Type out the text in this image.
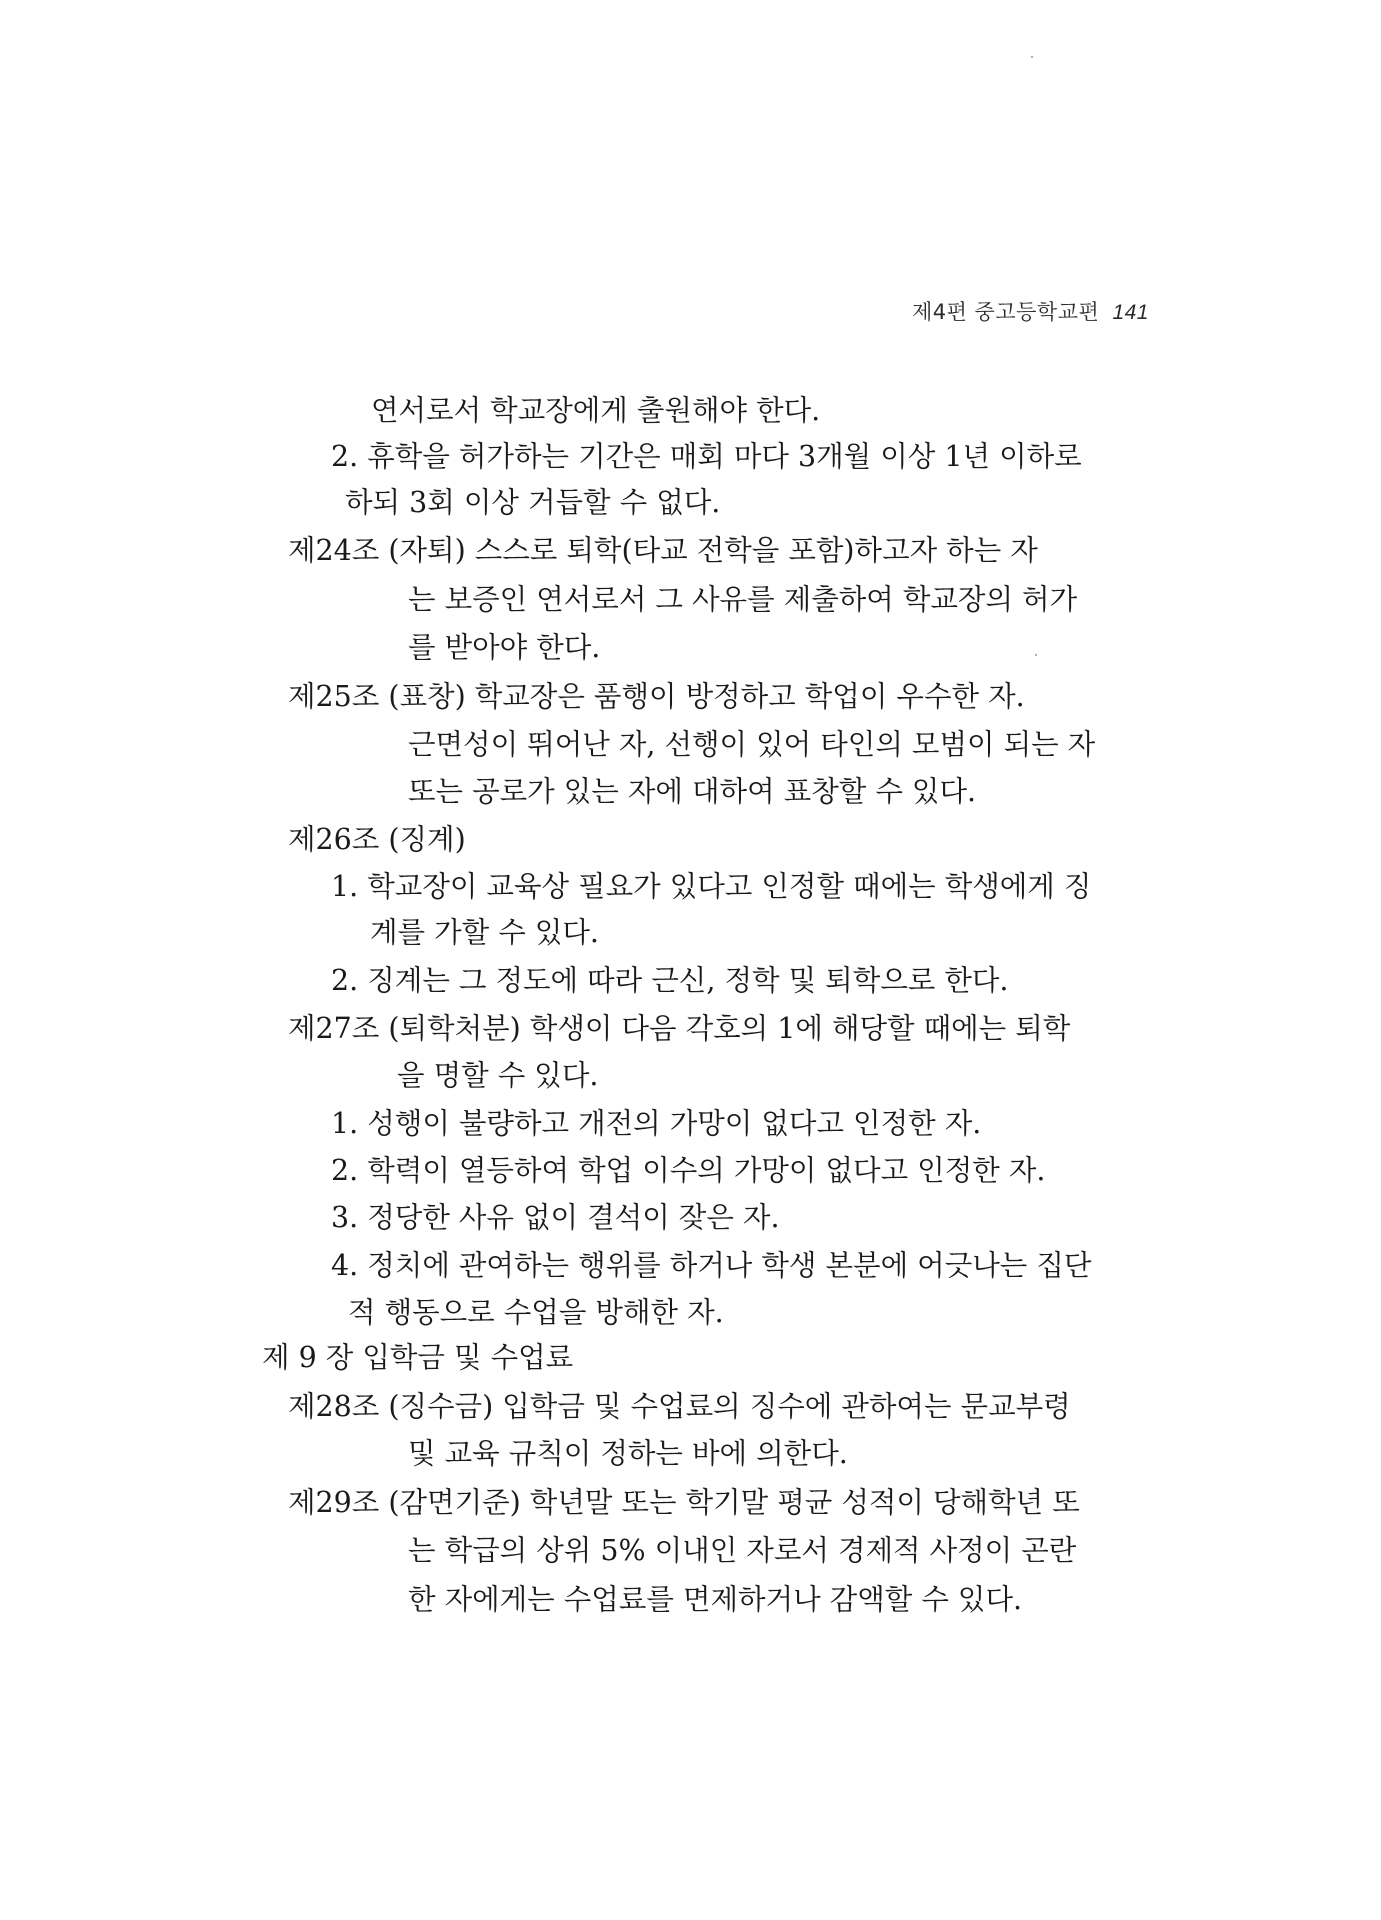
제4편 중고등학교편 141
연서로서 학교장에게 출원해야 한다.
2. 휴학을 허가하는 기간은 매회 마다 3개월 이상 1년 이하로
하되 3회 이상 거듭할 수 없다.
제24조 (자퇴) 스스로 퇴학(타교 전학을 포함)하고자 하는 자
는 보증인 연서로서 그 사유를 제출하여 학교장의 허가
를 받아야 한다.
제25조 (표창) 학교장은 품행이 방정하고 학업이 우수한 자.
근면성이 뛰어난 자, 선행이 있어 타인의 모범이 되는 자
또는 공로가 있는 자에 대하여 표창할 수 있다.
제26조 (징계)
1. 학교장이 교육상 필요가 있다고 인정할 때에는 학생에게 징
계를 가할 수 있다.
2. 징계는 그 정도에 따라 근신, 정학 및 퇴학으로 한다.
제27조 (퇴학처분) 학생이 다음 각호의 1에 해당할 때에는 퇴학
을 명할 수 있다.
1. 성행이 불량하고 개전의 가망이 없다고 인정한 자.
2. 학력이 열등하여 학업 이수의 가망이 없다고 인정한 자.
3. 정당한 사유 없이 결석이 잦은 자.
4. 정치에 관여하는 행위를 하거나 학생 본분에 어긋나는 집단
적 행동으로 수업을 방해한 자.
제 9 장 입학금 및 수업료
제28조 (징수금) 입학금 및 수업료의 징수에 관하여는 문교부령
및 교육 규칙이 정하는 바에 의한다.
제29조 (감면기준) 학년말 또는 학기말 평균 성적이 당해학년 또
는 학급의 상위 5% 이내인 자로서 경제적 사정이 곤란
한 자에게는 수업료를 면제하거나 감액할 수 있다.
